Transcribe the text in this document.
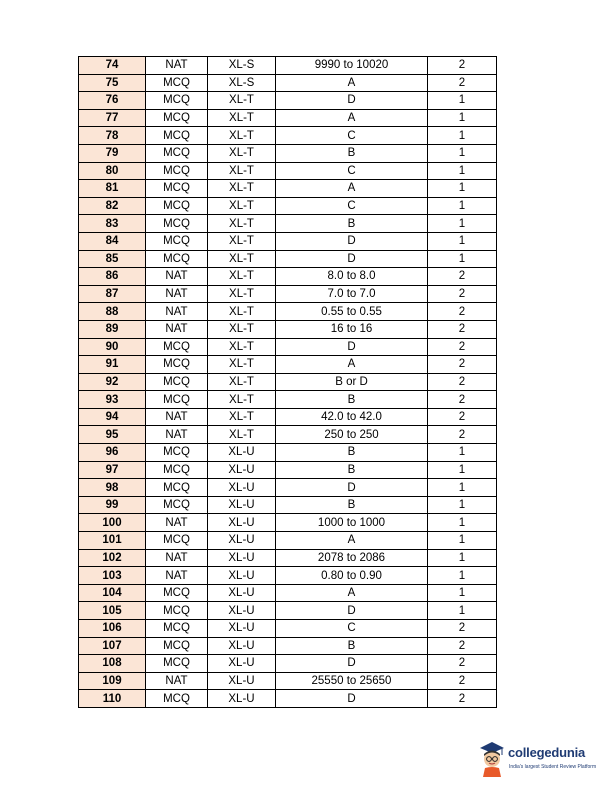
74	NAT	XL-S	9990 to 10020	2
75	MCQ	XL-S	A	2
76	MCQ	XL-T	D	1
77	MCQ	XL-T	A	1
78	MCQ	XL-T	C	1
79	MCQ	XL-T	B	1
80	MCQ	XL-T	C	1
81	MCQ	XL-T	A	1
82	MCQ	XL-T	C	1
83	MCQ	XL-T	B	1
84	MCQ	XL-T	D	1
85	MCQ	XL-T	D	1
86	NAT	XL-T	8.0 to 8.0	2
87	NAT	XL-T	7.0 to 7.0	2
88	NAT	XL-T	0.55 to 0.55	2
89	NAT	XL-T	16 to 16	2
90	MCQ	XL-T	D	2
91	MCQ	XL-T	A	2
92	MCQ	XL-T	B or D	2
93	MCQ	XL-T	B	2
94	NAT	XL-T	42.0 to 42.0	2
95	NAT	XL-T	250 to 250	2
96	MCQ	XL-U	B	1
97	MCQ	XL-U	B	1
98	MCQ	XL-U	D	1
99	MCQ	XL-U	B	1
100	NAT	XL-U	1000 to 1000	1
101	MCQ	XL-U	A	1
102	NAT	XL-U	2078 to 2086	1
103	NAT	XL-U	0.80 to 0.90	1
104	MCQ	XL-U	A	1
105	MCQ	XL-U	D	1
106	MCQ	XL-U	C	2
107	MCQ	XL-U	B	2
108	MCQ	XL-U	D	2
109	NAT	XL-U	25550 to 25650	2
110	MCQ	XL-U	D	2
collegedunia
India's largest Student Review Platform
